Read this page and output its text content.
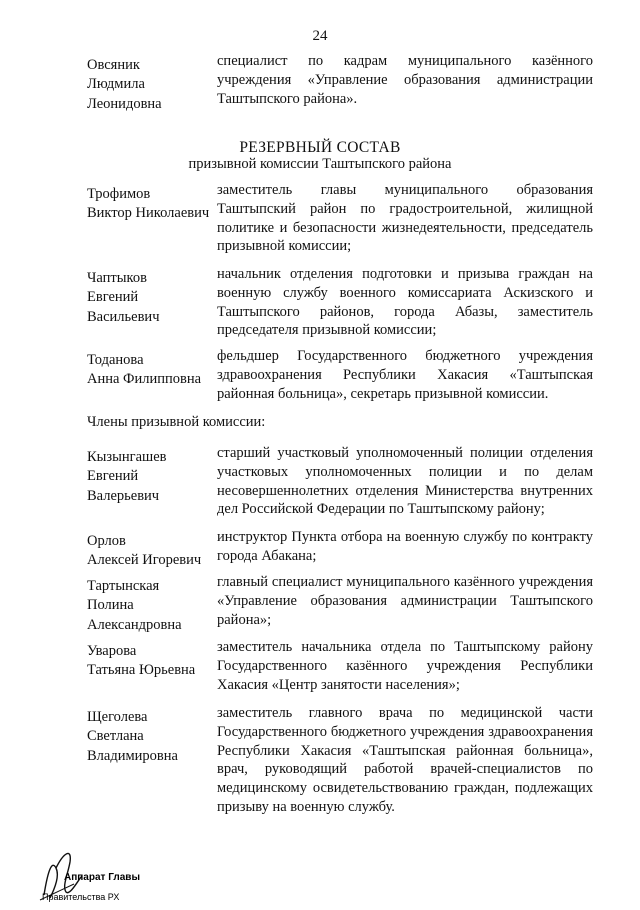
24
Овсяник
Людмила
Леонидовна
специалист по кадрам муниципального казённого учреждения «Управление образования администрации Таштыпского района».
РЕЗЕРВНЫЙ СОСТАВ
призывной комиссии Таштыпского района
Трофимов
Виктор Николаевич
заместитель главы муниципального образования Таштыпский район по градостроительной, жилищной политике и безопасности жизнедеятельности, председатель призывной комиссии;
Чаптыков
Евгений
Васильевич
начальник отделения подготовки и призыва граждан на военную службу военного комиссариата Аскизского и Таштыпского районов, города Абазы, заместитель председателя призывной комиссии;
Тоданова
Анна Филипповна
фельдшер Государственного бюджетного учреждения здравоохранения Республики Хакасия «Таштыпская районная больница», секретарь призывной комиссии.
Члены призывной комиссии:
Кызынгашев
Евгений
Валерьевич
старший участковый уполномоченный полиции отделения участковых уполномоченных полиции и по делам несовершеннолетних отделения Министерства внутренних дел Российской Федерации по Таштыпскому району;
Орлов
Алексей Игоревич
инструктор Пункта отбора на военную службу по контракту города Абакана;
Тартынская
Полина
Александровна
главный специалист муниципального казённого учреждения «Управление образования администрации Таштыпского района»;
Уварова
Татьяна Юрьевна
заместитель начальника отдела по Таштыпскому району Государственного казённого учреждения Республики Хакасия «Центр занятости населения»;
Щеголева
Светлана
Владимировна
заместитель главного врача по медицинской части Государственного бюджетного учреждения здравоохранения Республики Хакасия «Таштыпская районная больница», врач, руководящий работой врачей-специалистов по медицинскому освидетельствованию граждан, подлежащих призыву на военную службу.
Аппарат Главы
Правительства РХ
